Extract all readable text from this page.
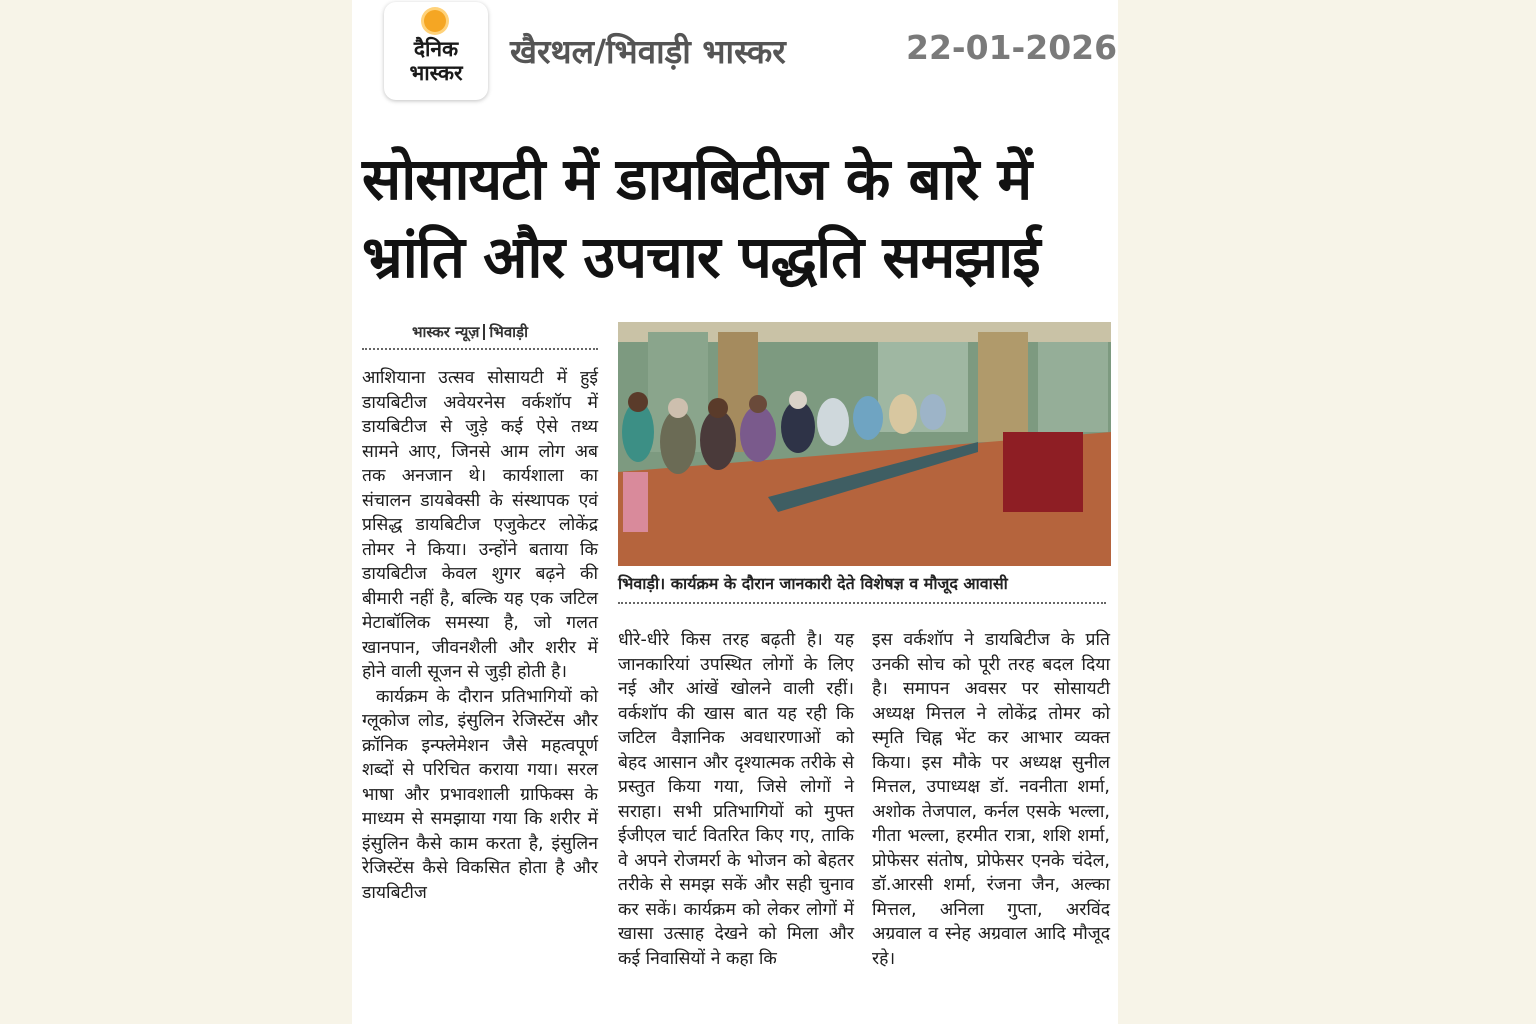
दैनिक
भास्कर
खैरथल/भिवाड़ी भास्कर	22-01-2026
सोसायटी में डायबिटीज के बारे में भ्रांति और उपचार पद्धति समझाई
भास्कर न्यूज़ भिवाड़ी
भिवाड़ी। कार्यक्रम के दौरान जानकारी देते विशेषज्ञ व मौजूद आवासी

आशियाना उत्सव सोसायटी में हुई डायबिटीज अवेयरनेस वर्कशॉप में डायबिटीज से जुड़े कई ऐसे तथ्य सामने आए, जिनसे आम लोग अब तक अनजान थे। कार्यशाला का संचालन डायबेक्सी के संस्थापक एवं प्रसिद्ध डायबिटीज एजुकेटर लोकेंद्र तोमर ने किया। उन्होंने बताया कि डायबिटीज केवल शुगर बढ़ने की बीमारी नहीं है, बल्कि यह एक जटिल मेटाबॉलिक समस्या है, जो गलत खानपान, जीवनशैली और शरीर में होने वाली सूजन से जुड़ी होती है।

कार्यक्रम के दौरान प्रतिभागियों को ग्लूकोज लोड, इंसुलिन रेजिस्टेंस और क्रॉनिक इन्फ्लेमेशन जैसे महत्वपूर्ण शब्दों से परिचित कराया गया। सरल भाषा और प्रभावशाली ग्राफिक्स के माध्यम से समझाया गया कि शरीर में इंसुलिन कैसे काम करता है, इंसुलिन रेजिस्टेंस कैसे विकसित होता है और डायबिटीज

धीरे-धीरे किस तरह बढ़ती है। यह जानकारियां उपस्थित लोगों के लिए नई और आंखें खोलने वाली रहीं। वर्कशॉप की खास बात यह रही कि जटिल वैज्ञानिक अवधारणाओं को बेहद आसान और दृश्यात्मक तरीके से प्रस्तुत किया गया, जिसे लोगों ने सराहा। सभी प्रतिभागियों को मुफ्त ईजीएल चार्ट वितरित किए गए, ताकि वे अपने रोजमर्रा के भोजन को बेहतर तरीके से समझ सकें और सही चुनाव कर सकें। कार्यक्रम को लेकर लोगों में खासा उत्साह देखने को मिला और कई निवासियों ने कहा कि

इस वर्कशॉप ने डायबिटीज के प्रति उनकी सोच को पूरी तरह बदल दिया है। समापन अवसर पर सोसायटी अध्यक्ष मित्तल ने लोकेंद्र तोमर को स्मृति चिह्न भेंट कर आभार व्यक्त किया। इस मौके पर अध्यक्ष सुनील मित्तल, उपाध्यक्ष डॉ. नवनीता शर्मा, अशोक तेजपाल, कर्नल एसके भल्ला, गीता भल्ला, हरमीत रात्रा, शशि शर्मा, प्रोफेसर संतोष, प्रोफेसर एनके चंदेल, डॉ.आरसी शर्मा, रंजना जैन, अल्का मित्तल, अनिला गुप्ता, अरविंद अग्रवाल व स्नेह अग्रवाल आदि मौजूद रहे।
